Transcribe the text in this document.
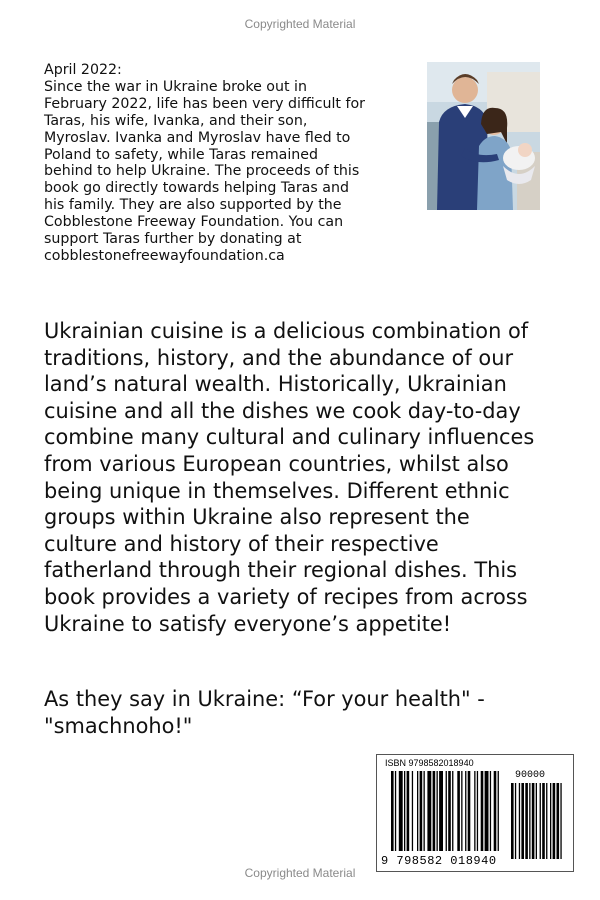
Copyrighted Material
April 2022:
Since the war in Ukraine broke out in
February 2022, life has been very difficult for
Taras, his wife, Ivanka, and their son,
Myroslav. Ivanka and Myroslav have fled to
Poland to safety, while Taras remained
behind to help Ukraine. The proceeds of this
book go directly towards helping Taras and
his family. They are also supported by the
Cobblestone Freeway Foundation. You can
support Taras further by donating at
cobblestonefreewayfoundation.ca
Ukrainian cuisine is a delicious combination of
traditions, history, and the abundance of our
land’s natural wealth. Historically, Ukrainian
cuisine and all the dishes we cook day-to-day
combine many cultural and culinary influences
from various European countries, whilst also
being unique in themselves. Different ethnic
groups within Ukraine also represent the
culture and history of their respective
fatherland through their regional dishes. This
book provides a variety of recipes from across
Ukraine to satisfy everyone’s appetite!
As they say in Ukraine: “For your health" -
"smachnoho!"
ISBN 9798582018940
90000
9 798582 018940
Copyrighted Material
